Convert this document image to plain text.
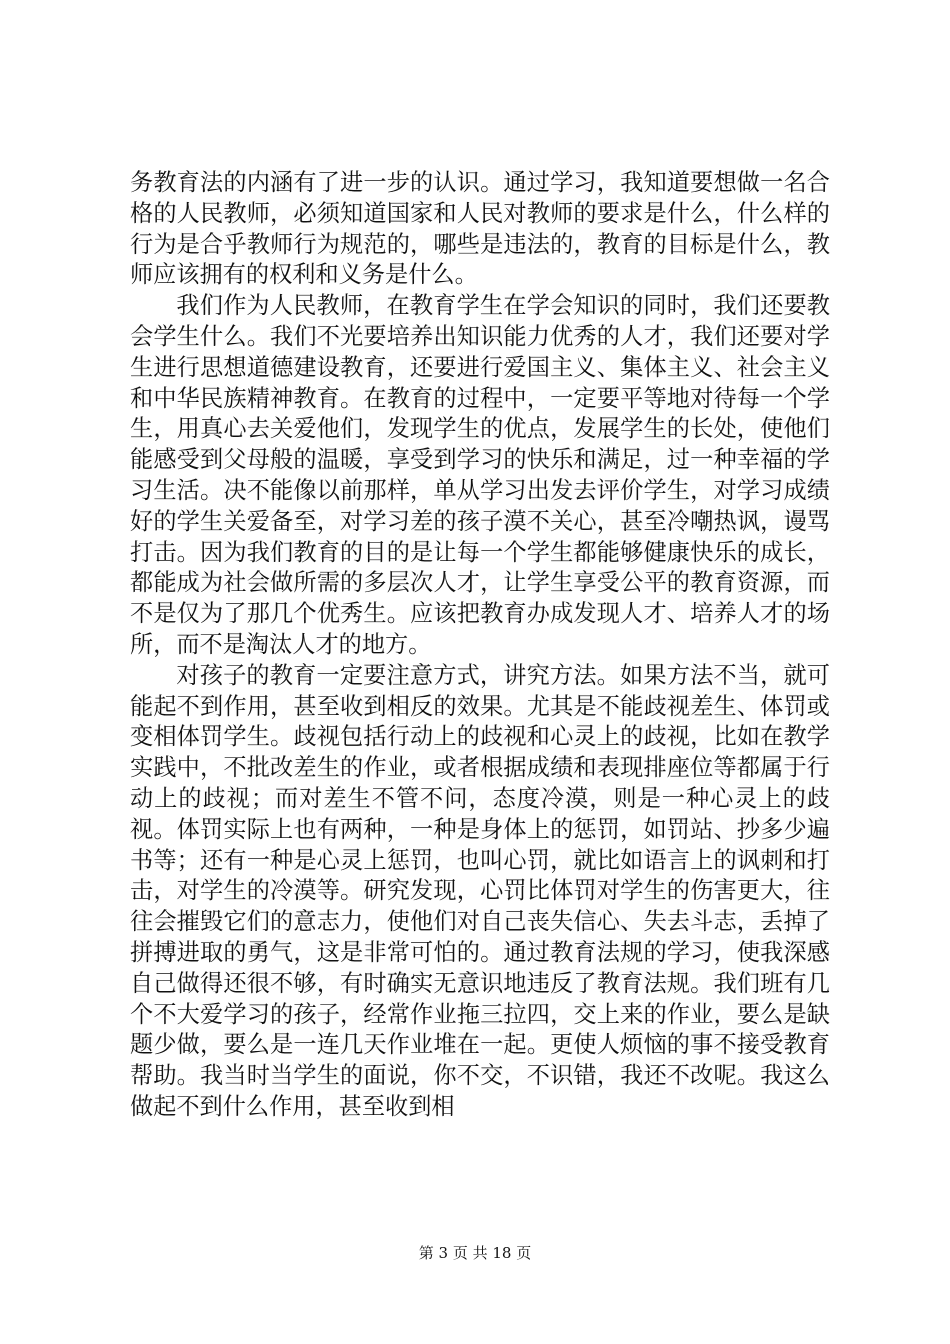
务教育法的内涵有了进一步的认识。通过学习，我知道要想做一名合格的人民教师，必须知道国家和人民对教师的要求是什么，什么样的行为是合乎教师行为规范的，哪些是违法的，教育的目标是什么，教师应该拥有的权利和义务是什么。

我们作为人民教师，在教育学生在学会知识的同时，我们还要教会学生什么。我们不光要培养出知识能力优秀的人才，我们还要对学生进行思想道德建设教育，还要进行爱国主义、集体主义、社会主义和中华民族精神教育。在教育的过程中，一定要平等地对待每一个学生，用真心去关爱他们，发现学生的优点，发展学生的长处，使他们能感受到父母般的温暖，享受到学习的快乐和满足，过一种幸福的学习生活。决不能像以前那样，单从学习出发去评价学生，对学习成绩好的学生关爱备至，对学习差的孩子漠不关心，甚至冷嘲热讽，谩骂打击。因为我们教育的目的是让每一个学生都能够健康快乐的成长，都能成为社会做所需的多层次人才，让学生享受公平的教育资源，而不是仅为了那几个优秀生。应该把教育办成发现人才、培养人才的场所，而不是淘汰人才的地方。

对孩子的教育一定要注意方式，讲究方法。如果方法不当，就可能起不到作用，甚至收到相反的效果。尤其是不能歧视差生、体罚或变相体罚学生。歧视包括行动上的歧视和心灵上的歧视，比如在教学实践中，不批改差生的作业，或者根据成绩和表现排座位等都属于行动上的歧视；而对差生不管不问，态度冷漠，则是一种心灵上的歧视。体罚实际上也有两种，一种是身体上的惩罚，如罚站、抄多少遍书等；还有一种是心灵上惩罚，也叫心罚，就比如语言上的讽刺和打击，对学生的冷漠等。研究发现，心罚比体罚对学生的伤害更大，往往会摧毁它们的意志力，使他们对自己丧失信心、失去斗志，丢掉了拼搏进取的勇气，这是非常可怕的。通过教育法规的学习，使我深感自己做得还很不够，有时确实无意识地违反了教育法规。我们班有几个不大爱学习的孩子，经常作业拖三拉四，交上来的作业，要么是缺题少做，要么是一连几天作业堆在一起。更使人烦恼的事不接受教育帮助。我当时当学生的面说，你不交，不识错，我还不改呢。我这么做起不到什么作用，甚至收到相

第 3 页 共 18 页
